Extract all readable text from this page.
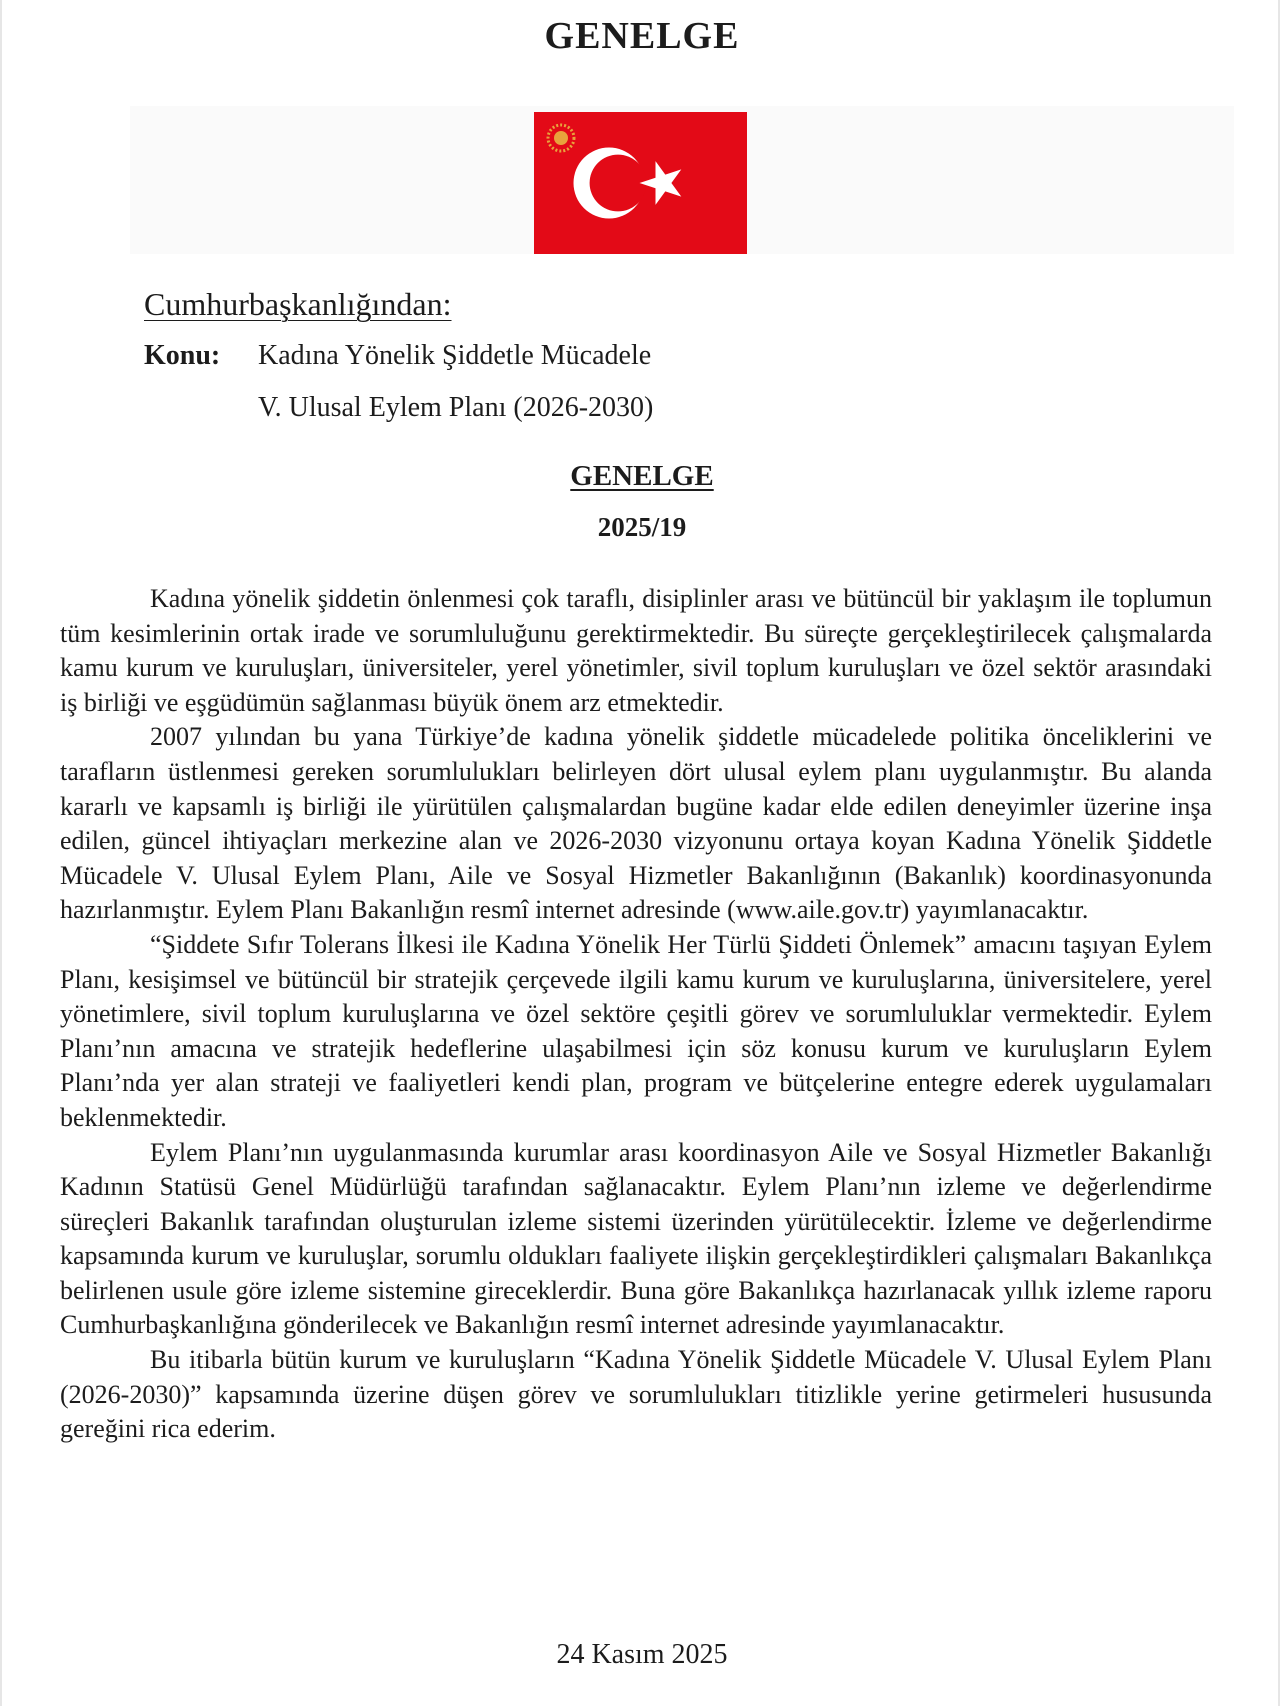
GENELGE
Cumhurbaşkanlığından:
Konu: Kadına Yönelik Şiddetle Mücadele
V. Ulusal Eylem Planı (2026-2030)
GENELGE
2025/19

Kadına yönelik şiddetin önlenmesi çok taraflı, disiplinler arası ve bütüncül bir yaklaşım ile toplumun tüm kesimlerinin ortak irade ve sorumluluğunu gerektirmektedir. Bu süreçte gerçekleştirilecek çalışmalarda kamu kurum ve kuruluşları, üniversiteler, yerel yönetimler, sivil toplum kuruluşları ve özel sektör arasındaki iş birliği ve eşgüdümün sağlanması büyük önem arz etmektedir.

2007 yılından bu yana Türkiye’de kadına yönelik şiddetle mücadelede politika önceliklerini ve tarafların üstlenmesi gereken sorumlulukları belirleyen dört ulusal eylem planı uygulanmıştır. Bu alanda kararlı ve kapsamlı iş birliği ile yürütülen çalışmalardan bugüne kadar elde edilen deneyimler üzerine inşa edilen, güncel ihtiyaçları merkezine alan ve 2026-2030 vizyonunu ortaya koyan Kadına Yönelik Şiddetle Mücadele V. Ulusal Eylem Planı, Aile ve Sosyal Hizmetler Bakanlığının (Bakanlık) koordinasyonunda hazırlanmıştır. Eylem Planı Bakanlığın resmî internet adresinde (www.aile.gov.tr) yayımlanacaktır.

“Şiddete Sıfır Tolerans İlkesi ile Kadına Yönelik Her Türlü Şiddeti Önlemek” amacını taşıyan Eylem Planı, kesişimsel ve bütüncül bir stratejik çerçevede ilgili kamu kurum ve kuruluşlarına, üniversitelere, yerel yönetimlere, sivil toplum kuruluşlarına ve özel sektöre çeşitli görev ve sorumluluklar vermektedir. Eylem Planı’nın amacına ve stratejik hedeflerine ulaşabilmesi için söz konusu kurum ve kuruluşların Eylem Planı’nda yer alan strateji ve faaliyetleri kendi plan, program ve bütçelerine entegre ederek uygulamaları beklenmektedir.

Eylem Planı’nın uygulanmasında kurumlar arası koordinasyon Aile ve Sosyal Hizmetler Bakanlığı Kadının Statüsü Genel Müdürlüğü tarafından sağlanacaktır. Eylem Planı’nın izleme ve değerlendirme süreçleri Bakanlık tarafından oluşturulan izleme sistemi üzerinden yürütülecektir. İzleme ve değerlendirme kapsamında kurum ve kuruluşlar, sorumlu oldukları faaliyete ilişkin gerçekleştirdikleri çalışmaları Bakanlıkça belirlenen usule göre izleme sistemine gireceklerdir. Buna göre Bakanlıkça hazırlanacak yıllık izleme raporu Cumhurbaşkanlığına gönderilecek ve Bakanlığın resmî internet adresinde yayımlanacaktır.

Bu itibarla bütün kurum ve kuruluşların “Kadına Yönelik Şiddetle Mücadele V. Ulusal Eylem Planı (2026-2030)” kapsamında üzerine düşen görev ve sorumlulukları titizlikle yerine getirmeleri hususunda gereğini rica ederim.

24 Kasım 2025
